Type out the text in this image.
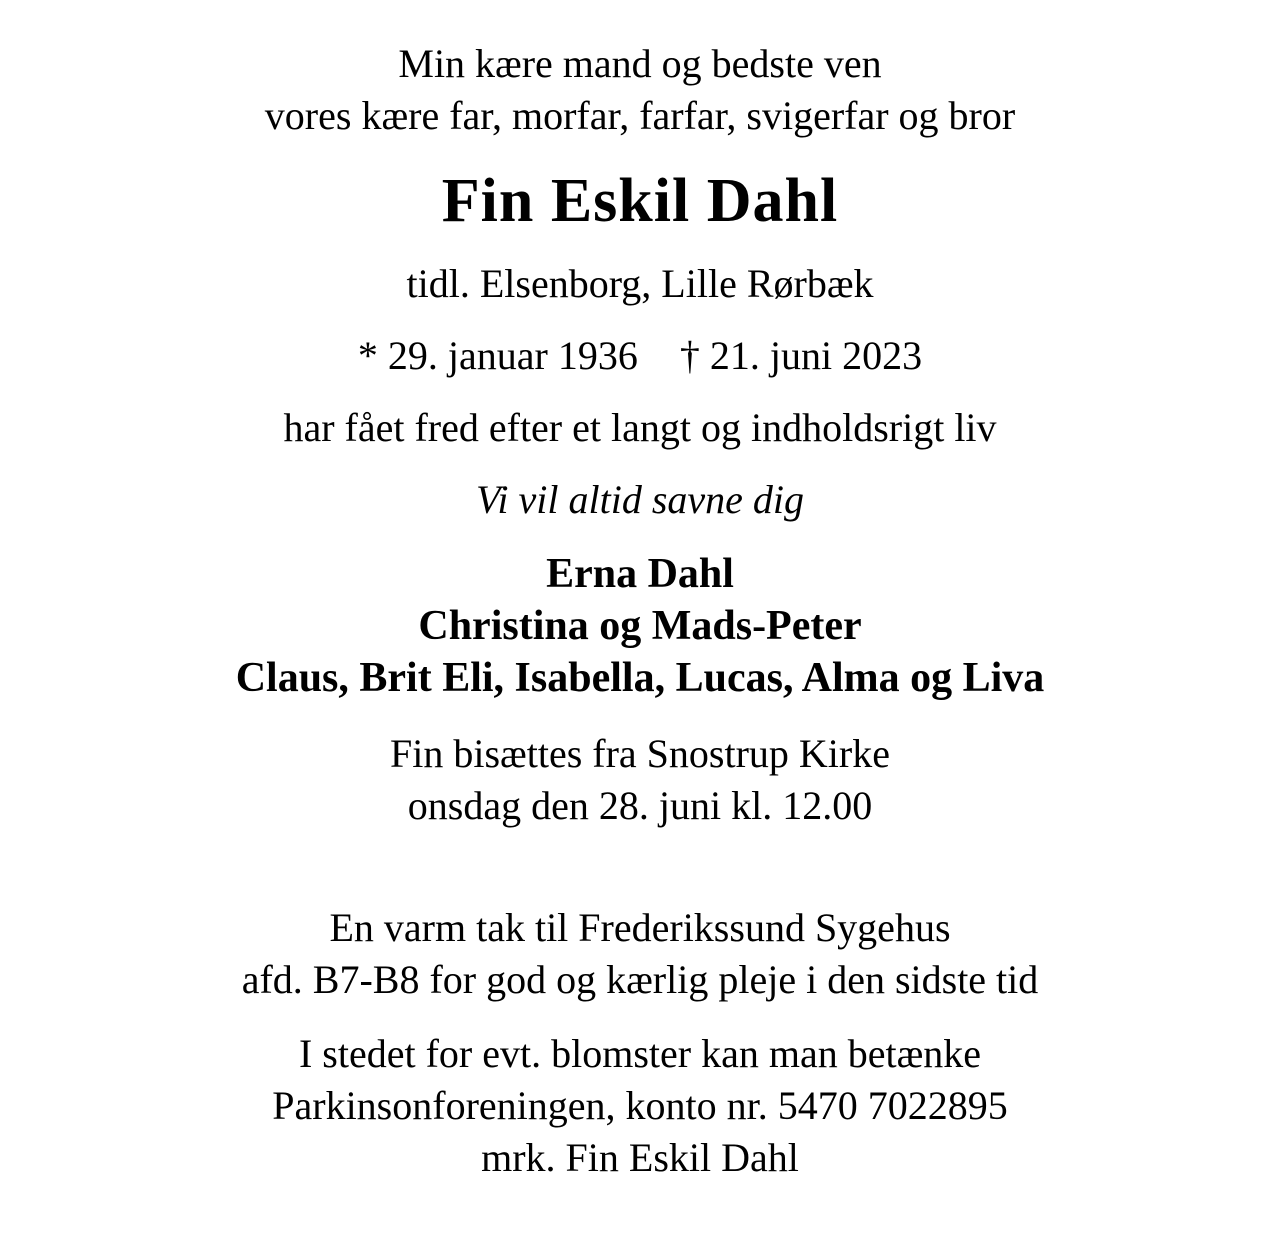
Min kære mand og bedste ven
vores kære far, morfar, farfar, svigerfar og bror
Fin Eskil Dahl
tidl. Elsenborg, Lille Rørbæk
* 29. januar 1936 † 21. juni 2023
har fået fred efter et langt og indholdsrigt liv
Vi vil altid savne dig
Erna Dahl
Christina og Mads-Peter
Claus, Brit Eli, Isabella, Lucas, Alma og Liva
Fin bisættes fra Snostrup Kirke
onsdag den 28. juni kl. 12.00
En varm tak til Frederikssund Sygehus
afd. B7-B8 for god og kærlig pleje i den sidste tid
I stedet for evt. blomster kan man betænke
Parkinsonforeningen, konto nr. 5470 7022895
mrk. Fin Eskil Dahl
